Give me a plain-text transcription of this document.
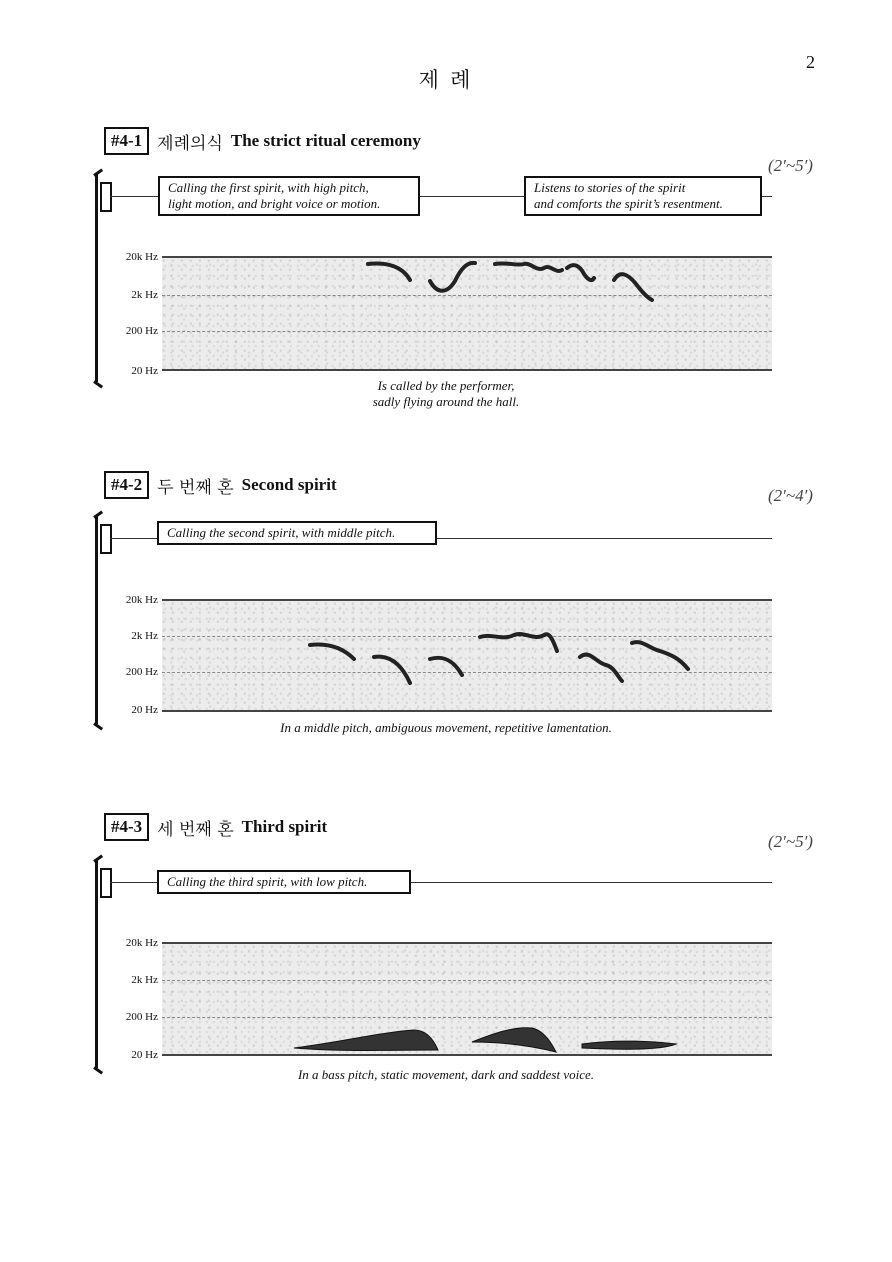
2
제 례
#4-1 제례의식 The strict ritual ceremony
(2′~5′)
Calling the first spirit, with high pitch,
light motion, and bright voice or motion.
Listens to stories of the spirit
and comforts the spirit’s resentment.
20k Hz
2k Hz
200 Hz
20 Hz
Is called by the performer,
sadly flying around the hall.
#4-2 두 번째 혼 Second spirit
(2′~4′)
Calling the second spirit, with middle pitch.
20k Hz
2k Hz
200 Hz
20 Hz
In a middle pitch, ambiguous movement, repetitive lamentation.
#4-3 세 번째 혼 Third spirit
(2′~5′)
Calling the third spirit, with low pitch.
20k Hz
2k Hz
200 Hz
20 Hz
In a bass pitch, static movement, dark and saddest voice.
